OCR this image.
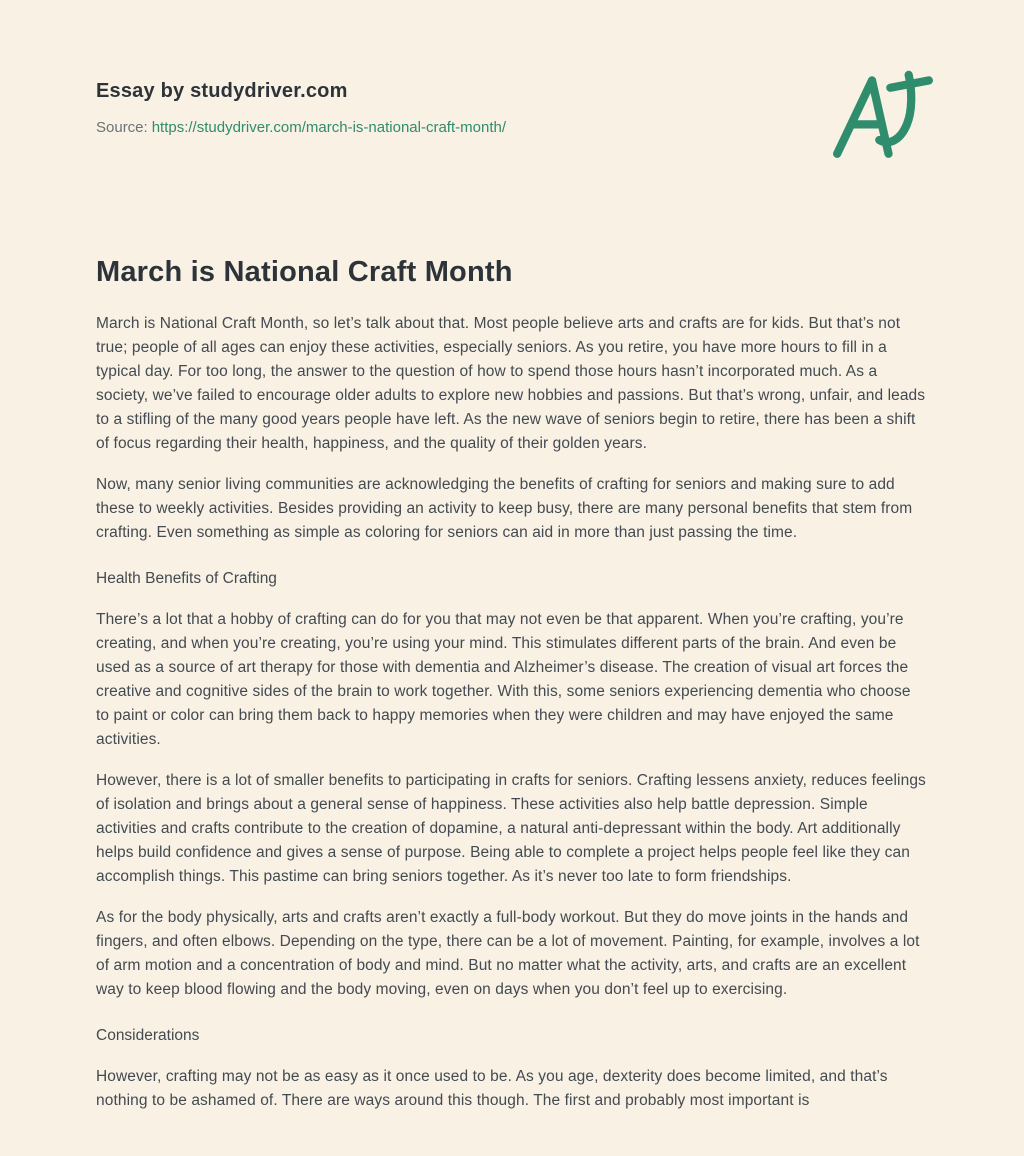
Essay by studydriver.com
Source: https://studydriver.com/march-is-national-craft-month/
March is National Craft Month

March is National Craft Month, so let’s talk about that. Most people believe arts and crafts are for kids. But that’s not true; people of all ages can enjoy these activities, especially seniors. As you retire, you have more hours to fill in a typical day. For too long, the answer to the question of how to spend those hours hasn’t incorporated much. As a society, we’ve failed to encourage older adults to explore new hobbies and passions. But that’s wrong, unfair, and leads to a stifling of the many good years people have left. As the new wave of seniors begin to retire, there has been a shift of focus regarding their health, happiness, and the quality of their golden years.

Now, many senior living communities are acknowledging the benefits of crafting for seniors and making sure to add these to weekly activities. Besides providing an activity to keep busy, there are many personal benefits that stem from crafting. Even something as simple as coloring for seniors can aid in more than just passing the time.

Health Benefits of Crafting

There’s a lot that a hobby of crafting can do for you that may not even be that apparent. When you’re crafting, you’re creating, and when you’re creating, you’re using your mind. This stimulates different parts of the brain. And even be used as a source of art therapy for those with dementia and Alzheimer’s disease. The creation of visual art forces the creative and cognitive sides of the brain to work together. With this, some seniors experiencing dementia who choose to paint or color can bring them back to happy memories when they were children and may have enjoyed the same activities.

However, there is a lot of smaller benefits to participating in crafts for seniors. Crafting lessens anxiety, reduces feelings of isolation and brings about a general sense of happiness. These activities also help battle depression. Simple activities and crafts contribute to the creation of dopamine, a natural anti-depressant within the body. Art additionally helps build confidence and gives a sense of purpose. Being able to complete a project helps people feel like they can accomplish things. This pastime can bring seniors together. As it’s never too late to form friendships.

As for the body physically, arts and crafts aren’t exactly a full-body workout. But they do move joints in the hands and fingers, and often elbows. Depending on the type, there can be a lot of movement. Painting, for example, involves a lot of arm motion and a concentration of body and mind. But no matter what the activity, arts, and crafts are an excellent way to keep blood flowing and the body moving, even on days when you don’t feel up to exercising.

Considerations

However, crafting may not be as easy as it once used to be. As you age, dexterity does become limited, and that’s nothing to be ashamed of. There are ways around this though. The first and probably most important is
